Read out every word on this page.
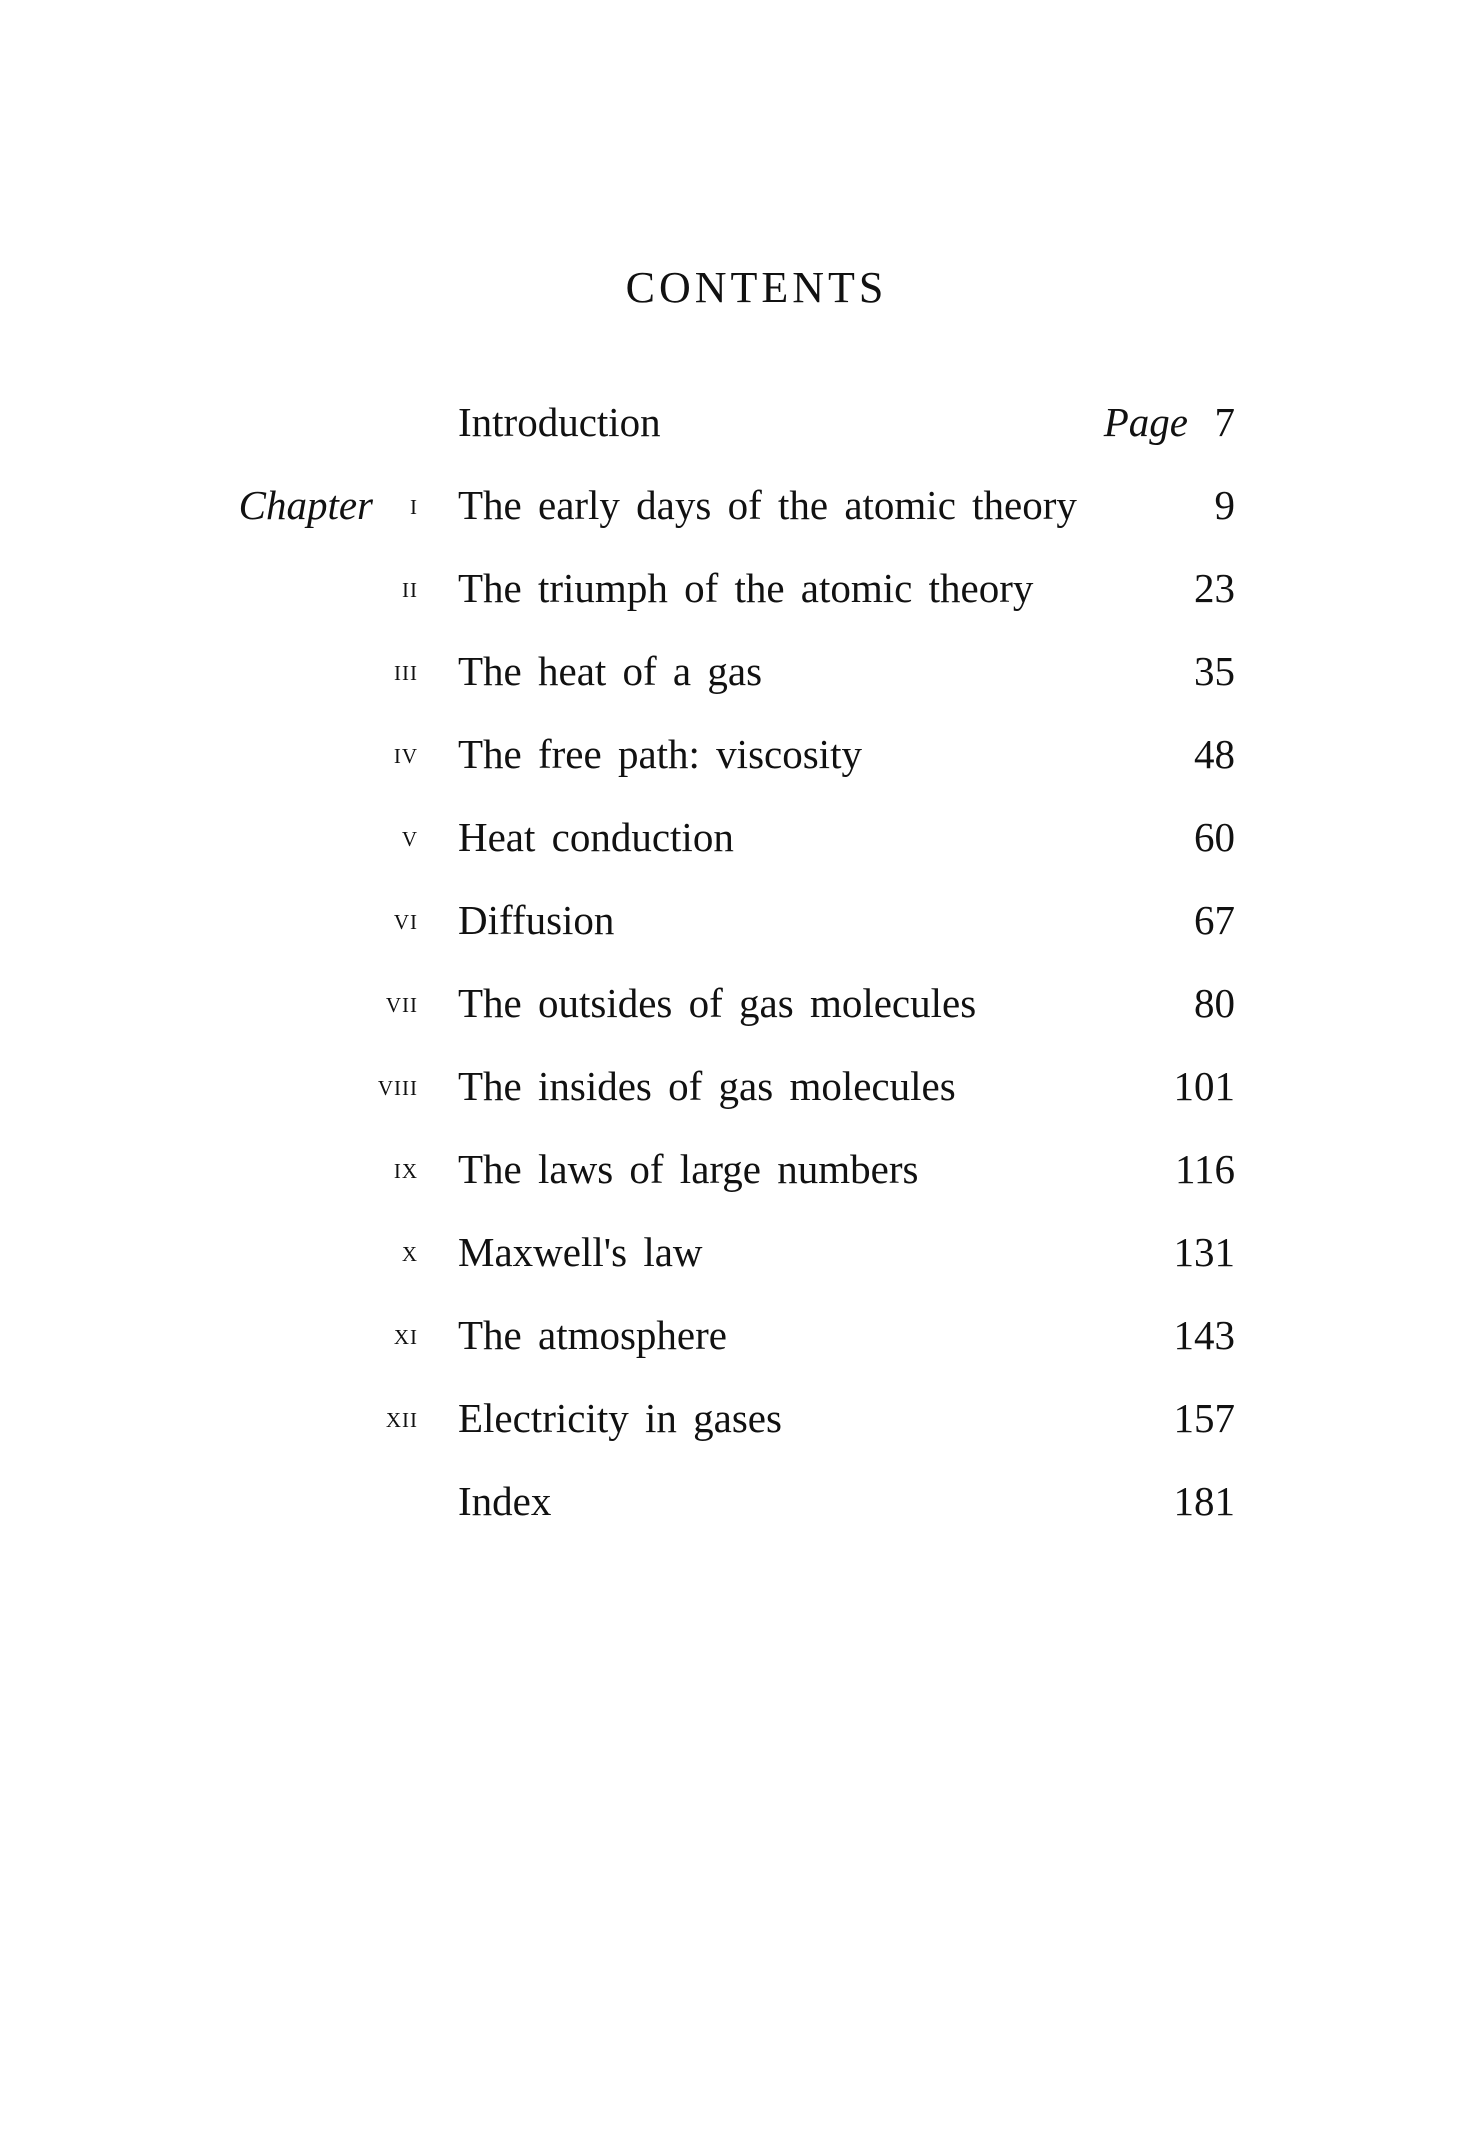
CONTENTS
Introduction	Page 7
Chapter i The early days of the atomic theory	9
ii The triumph of the atomic theory	23
iii The heat of a gas	35
iv The free path: viscosity	48
v Heat conduction	60
vi Diffusion	67
vii The outsides of gas molecules	80
viii The insides of gas molecules	101
ix The laws of large numbers	116
x Maxwell's law	131
xi The atmosphere	143
xii Electricity in gases	157
Index	181
